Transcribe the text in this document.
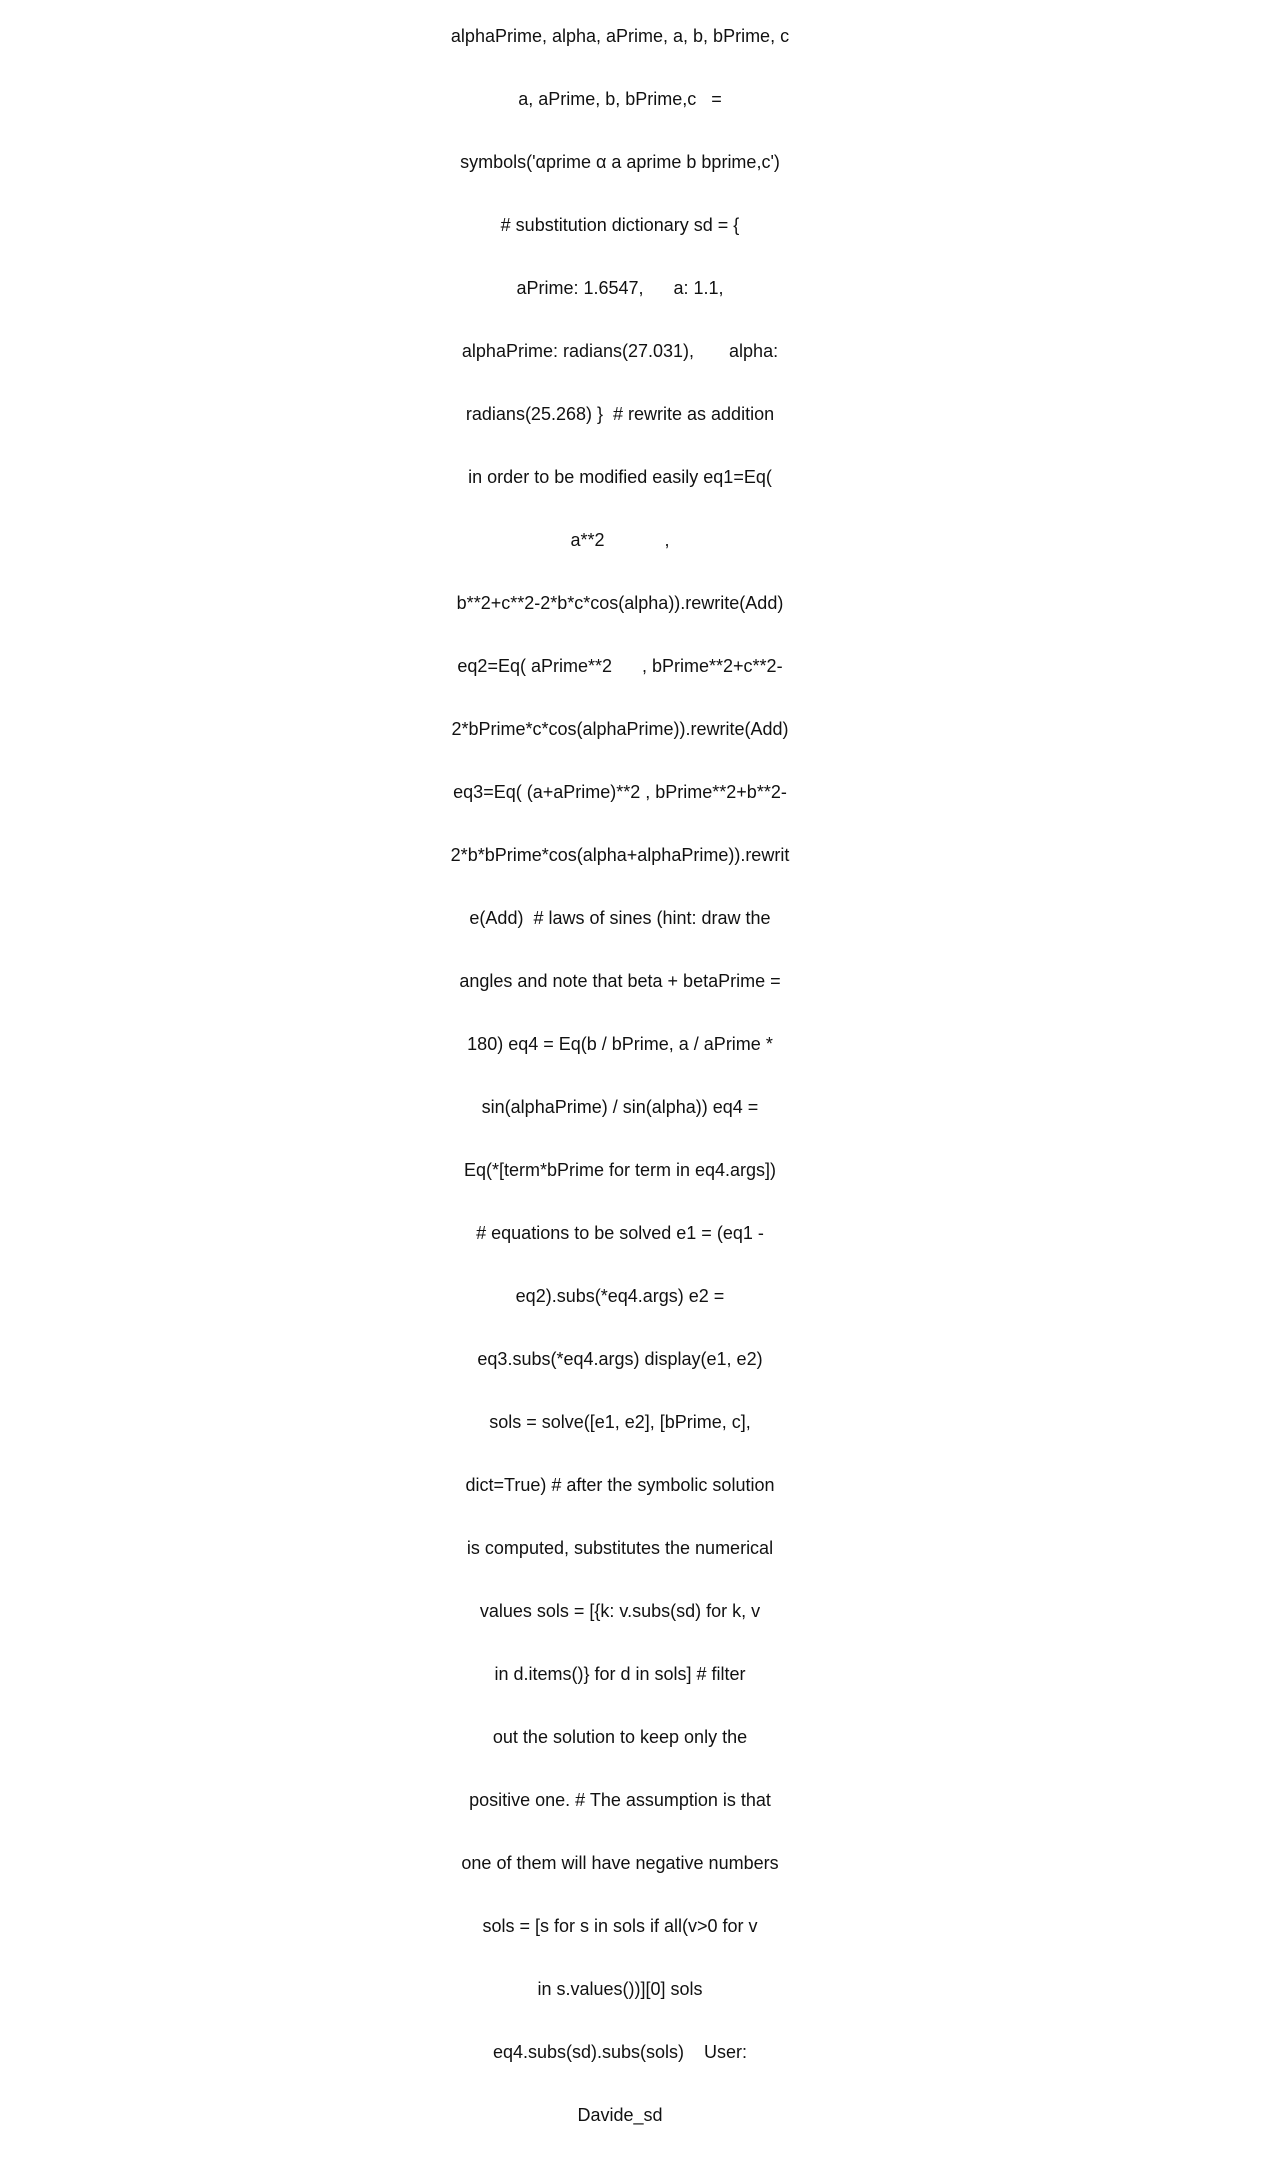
alphaPrime, alpha, aPrime, a, b, bPrime, c

a, aPrime, b, bPrime,c   =

symbols('αprime α a aprime b bprime,c')

# substitution dictionary sd = {

aPrime: 1.6547,      a: 1.1,

alphaPrime: radians(27.031),       alpha:

radians(25.268) }  # rewrite as addition

in order to be modified easily eq1=Eq(

a**2            ,

b**2+c**2-2*b*c*cos(alpha)).rewrite(Add)

eq2=Eq( aPrime**2      , bPrime**2+c**2-

2*bPrime*c*cos(alphaPrime)).rewrite(Add)

eq3=Eq( (a+aPrime)**2 , bPrime**2+b**2-

2*b*bPrime*cos(alpha+alphaPrime)).rewrit

e(Add)  # laws of sines (hint: draw the

angles and note that beta + betaPrime =

180) eq4 = Eq(b / bPrime, a / aPrime *

sin(alphaPrime) / sin(alpha)) eq4 =

Eq(*[term*bPrime for term in eq4.args])

# equations to be solved e1 = (eq1 -

eq2).subs(*eq4.args) e2 =

eq3.subs(*eq4.args) display(e1, e2)

sols = solve([e1, e2], [bPrime, c],

dict=True) # after the symbolic solution

is computed, substitutes the numerical

values sols = [{k: v.subs(sd) for k, v

in d.items()} for d in sols] # filter

out the solution to keep only the

positive one. # The assumption is that

one of them will have negative numbers

sols = [s for s in sols if all(v>0 for v

in s.values())][0] sols

eq4.subs(sd).subs(sols)    User:

Davide_sd
